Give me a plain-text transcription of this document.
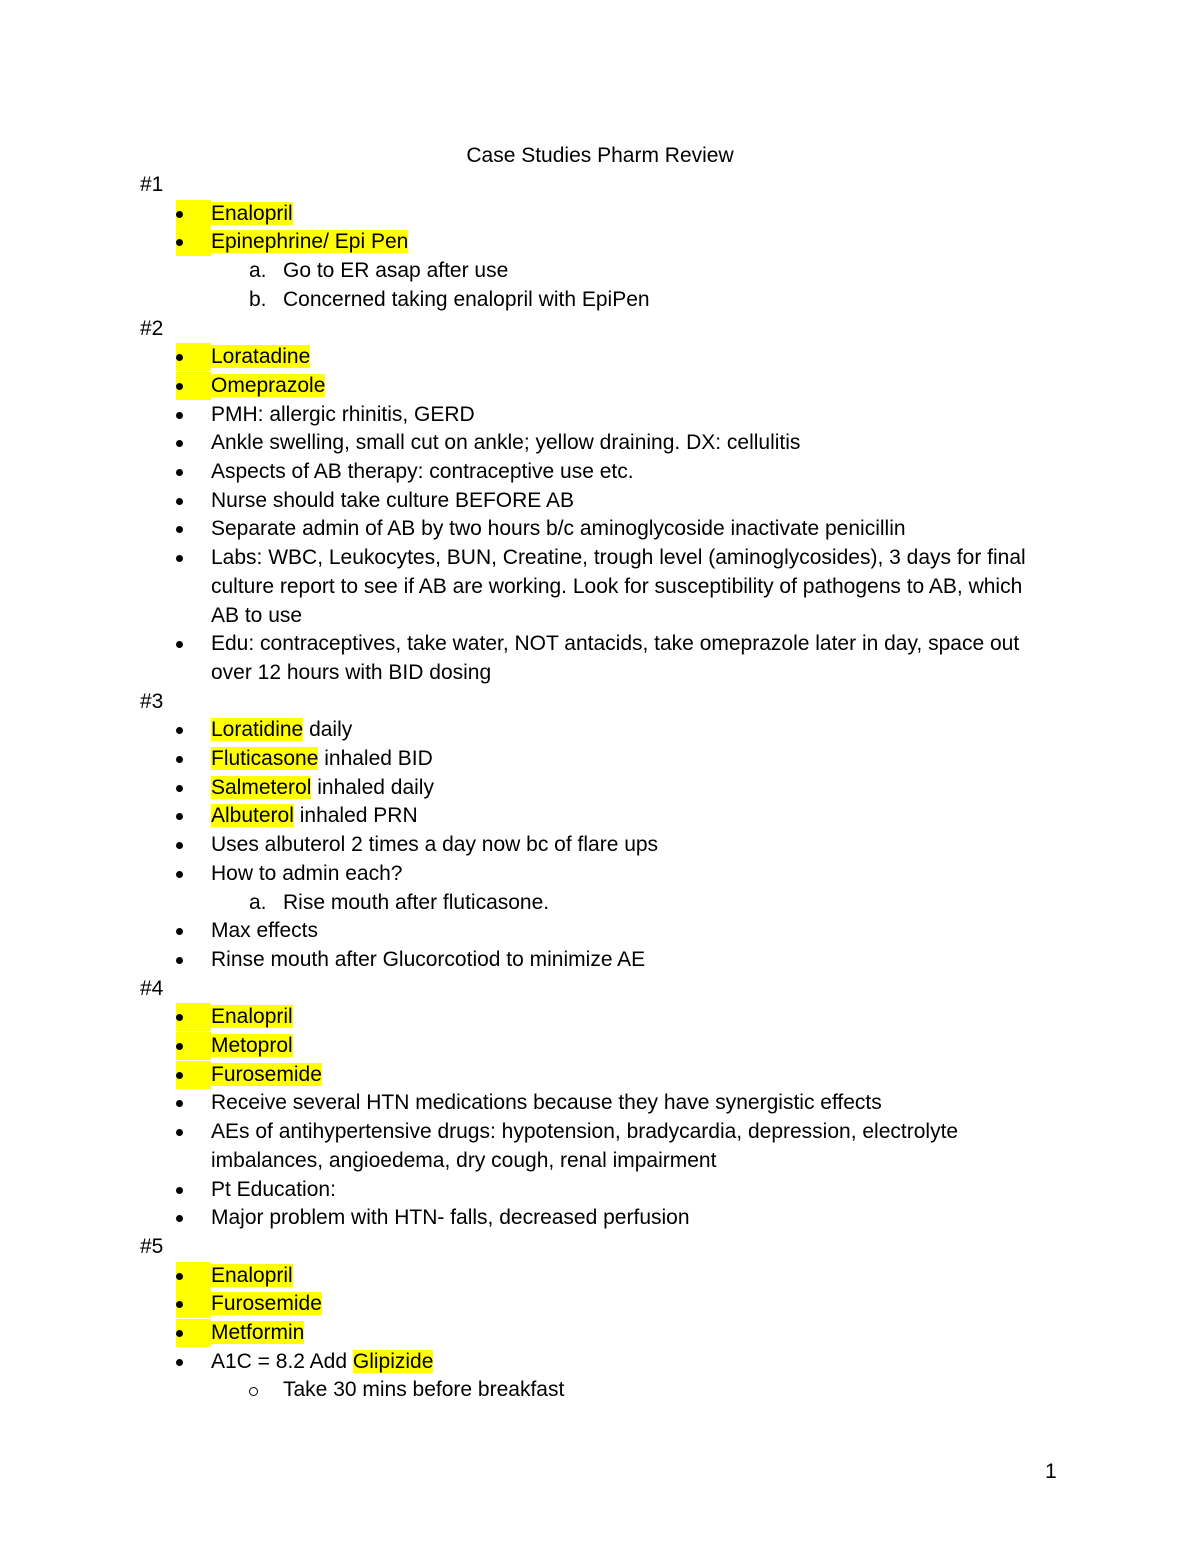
Case Studies Pharm Review
#1
Enalopril
Epinephrine/ Epi Pen
a. Go to ER asap after use
b. Concerned taking enalopril with EpiPen
#2
Loratadine
Omeprazole
PMH: allergic rhinitis, GERD
Ankle swelling, small cut on ankle; yellow draining. DX: cellulitis
Aspects of AB therapy: contraceptive use etc.
Nurse should take culture BEFORE AB
Separate admin of AB by two hours b/c aminoglycoside inactivate penicillin
Labs: WBC, Leukocytes, BUN, Creatine, trough level (aminoglycosides), 3 days for final
culture report to see if AB are working. Look for susceptibility of pathogens to AB, which
AB to use
Edu: contraceptives, take water, NOT antacids, take omeprazole later in day, space out
over 12 hours with BID dosing
#3
Loratidine daily
Fluticasone inhaled BID
Salmeterol inhaled daily
Albuterol inhaled PRN
Uses albuterol 2 times a day now bc of flare ups
How to admin each?
a. Rise mouth after fluticasone.
Max effects
Rinse mouth after Glucorcotiod to minimize AE
#4
Enalopril
Metoprol
Furosemide
Receive several HTN medications because they have synergistic effects
AEs of antihypertensive drugs: hypotension, bradycardia, depression, electrolyte
imbalances, angioedema, dry cough, renal impairment
Pt Education:
Major problem with HTN- falls, decreased perfusion
#5
Enalopril
Furosemide
Metformin
A1C = 8.2 Add Glipizide
Take 30 mins before breakfast
1
